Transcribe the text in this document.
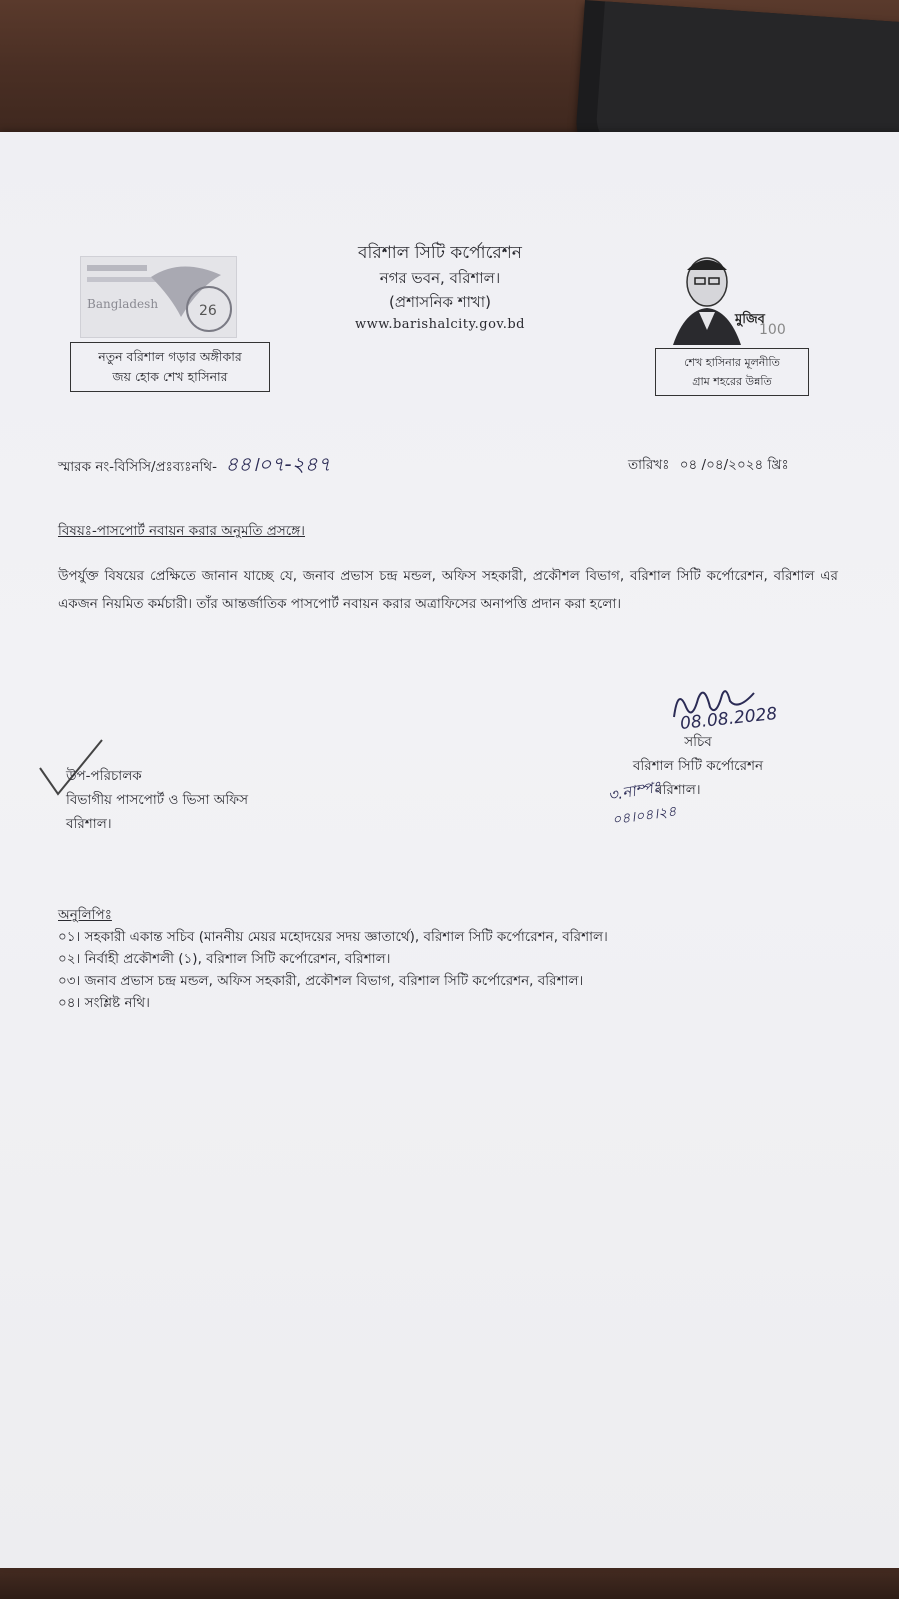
26
Bangladesh
নতুন বরিশাল গড়ার অঙ্গীকার
জয় হোক শেখ হাসিনার
বরিশাল সিটি কর্পোরেশন
নগর ভবন, বরিশাল।
(প্রশাসনিক শাখা)
www.barishalcity.gov.bd	মুজিব
100
শেখ হাসিনার মূলনীতি
গ্রাম শহরের উন্নতি
স্মারক নং-বিসিসি/প্রঃব্যঃনথি- ৪৪।০৭-২৪৭	তারিখঃ ০৪ /০৪/২০২৪ খ্রিঃ
বিষয়ঃ-পাসপোর্ট নবায়ন করার অনুমতি প্রসঙ্গে।
উপর্যুক্ত বিষয়ের প্রেক্ষিতে জানান যাচ্ছে যে, জনাব প্রভাস চন্দ্র মন্ডল, অফিস সহকারী, প্রকৌশল বিভাগ, বরিশাল সিটি কর্পোরেশন, বরিশাল এর একজন নিয়মিত কর্মচারী। তাঁর আন্তর্জাতিক পাসপোর্ট নবায়ন করার অত্রাফিসের অনাপত্তি প্রদান করা হলো।
08.08.2028
সচিব
বরিশাল সিটি কর্পোরেশন
বরিশাল।
৩.নাম্পঃ
০৪।০৪।২৪
উপ-পরিচালক
বিভাগীয় পাসপোর্ট ও ভিসা অফিস
বরিশাল।
অনুলিপিঃ
০১। সহকারী একান্ত সচিব (মাননীয় মেয়র মহোদয়ের সদয় জ্ঞাতার্থে), বরিশাল সিটি কর্পোরেশন, বরিশাল।
০২। নির্বাহী প্রকৌশলী (১), বরিশাল সিটি কর্পোরেশন, বরিশাল।
০৩। জনাব প্রভাস চন্দ্র মন্ডল, অফিস সহকারী, প্রকৌশল বিভাগ, বরিশাল সিটি কর্পোরেশন, বরিশাল।
০৪। সংশ্লিষ্ট নথি।
